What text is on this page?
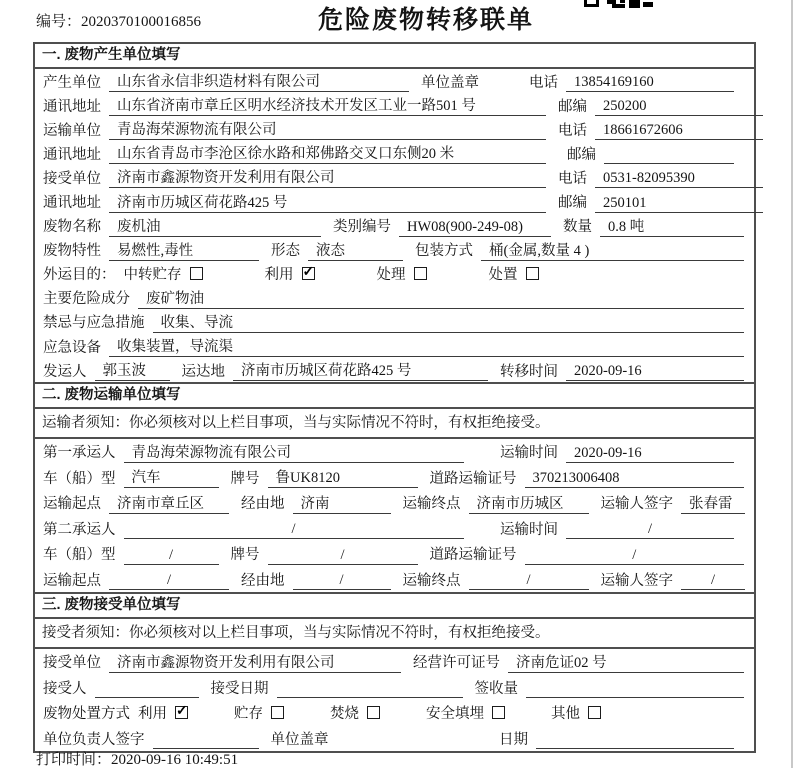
编号：2020370100016856	危险废物转移联单
一. 废物产生单位填写
产生单位	山东省永信非织造材料有限公司	单位盖章	电话	13854169160
通讯地址	山东省济南市章丘区明水经济技术开发区工业一路501 号	邮编	250200
运输单位	青岛海荣源物流有限公司	电话	18661672606
通讯地址	山东省青岛市李沧区徐水路和郑佛路交叉口东侧20 米	邮编
接受单位	济南市鑫源物资开发利用有限公司	电话	0531-82095390
通讯地址	济南市历城区荷花路425 号	邮编	250101
废物名称	废机油	类别编号	HW08(900-249-08)	数量	0.8 吨
废物特性	易燃性,毒性	形态	液态	包装方式	桶(金属,数量 4 )
外运目的： 中转贮存	利用 ✓	处理	处置
主要危险成分	废矿物油
禁忌与应急措施	收集、导流
应急设备	收集装置，导流渠
发运人	郭玉波	运达地	济南市历城区荷花路425 号	转移时间	2020-09-16
二. 废物运输单位填写
运输者须知：你必须核对以上栏目事项，当与实际情况不符时，有权拒绝接受。
第一承运人	青岛海荣源物流有限公司	运输时间	2020-09-16
车（船）型	汽车	牌号	鲁UK8120	道路运输证号	370213006408
运输起点	济南市章丘区	经由地	济南	运输终点	济南市历城区	运输人签字	张春雷
第二承运人	/	运输时间	/
车（船）型	/	牌号	/	道路运输证号	/
运输起点	/	经由地	/	运输终点	/	运输人签字	/
三. 废物接受单位填写
接受者须知：你必须核对以上栏目事项，当与实际情况不符时，有权拒绝接受。
接受单位	济南市鑫源物资开发利用有限公司	经营许可证号	济南危证02 号
接受人	接受日期	签收量
废物处置方式 利用 ✓	贮存	焚烧	安全填埋	其他
单位负责人签字	单位盖章	日期
打印时间：2020-09-16 10:49:51
